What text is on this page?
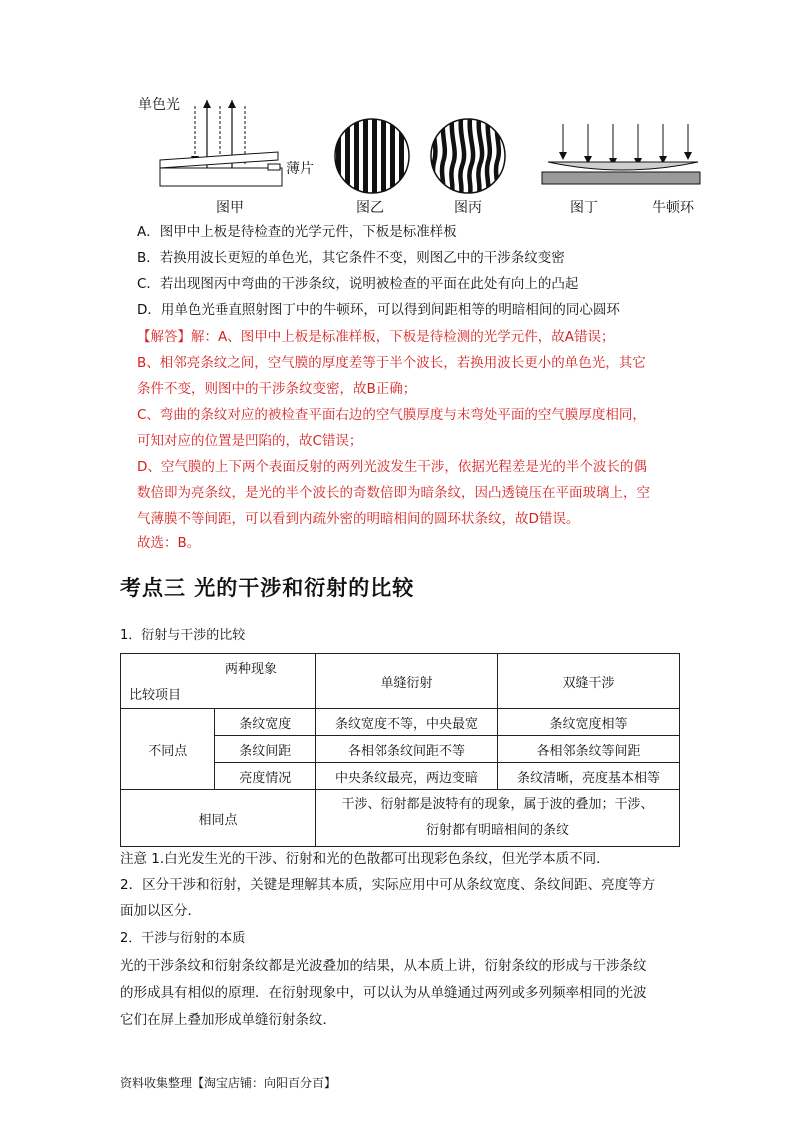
单色光
薄片
图甲	图乙	图丙	图丁	牛顿环
A．图甲中上板是待检查的光学元件，下板是标准样板
B．若换用波长更短的单色光，其它条件不变，则图乙中的干涉条纹变密
C．若出现图丙中弯曲的干涉条纹，说明被检查的平面在此处有向上的凸起
D．用单色光垂直照射图丁中的牛顿环，可以得到间距相等的明暗相间的同心圆环
【解答】解：A、图甲中上板是标准样板，下板是待检测的光学元件，故A错误；
B、相邻亮条纹之间，空气膜的厚度差等于半个波长，若换用波长更小的单色光，其它
条件不变，则图中的干涉条纹变密，故B正确；
C、弯曲的条纹对应的被检查平面右边的空气膜厚度与末弯处平面的空气膜厚度相同，
可知对应的位置是凹陷的，故C错误；
D、空气膜的上下两个表面反射的两列光波发生干涉，依据光程差是光的半个波长的偶
数倍即为亮条纹，是光的半个波长的奇数倍即为暗条纹，因凸透镜压在平面玻璃上，空
气薄膜不等间距，可以看到内疏外密的明暗相间的圆环状条纹，故D错误。
故选：B。
考点三 光的干涉和衍射的比较
1．衍射与干涉的比较
两种现象
比较项目		单缝衍射	双缝干涉
不同点	条纹宽度	条纹宽度不等，中央最宽	条纹宽度相等
	条纹间距	各相邻条纹间距不等	各相邻条纹等间距
	亮度情况	中央条纹最亮，两边变暗	条纹清晰，亮度基本相等
相同点		干涉、衍射都是波特有的现象，属于波的叠加；干涉、
衍射都有明暗相间的条纹	
注意 1.白光发生光的干涉、衍射和光的色散都可出现彩色条纹，但光学本质不同．
2．区分干涉和衍射，关键是理解其本质，实际应用中可从条纹宽度、条纹间距、亮度等方
面加以区分．
2．干涉与衍射的本质
光的干涉条纹和衍射条纹都是光波叠加的结果，从本质上讲，衍射条纹的形成与干涉条纹
的形成具有相似的原理．在衍射现象中，可以认为从单缝通过两列或多列频率相同的光波
它们在屏上叠加形成单缝衍射条纹．
资料收集整理【淘宝店铺：向阳百分百】
